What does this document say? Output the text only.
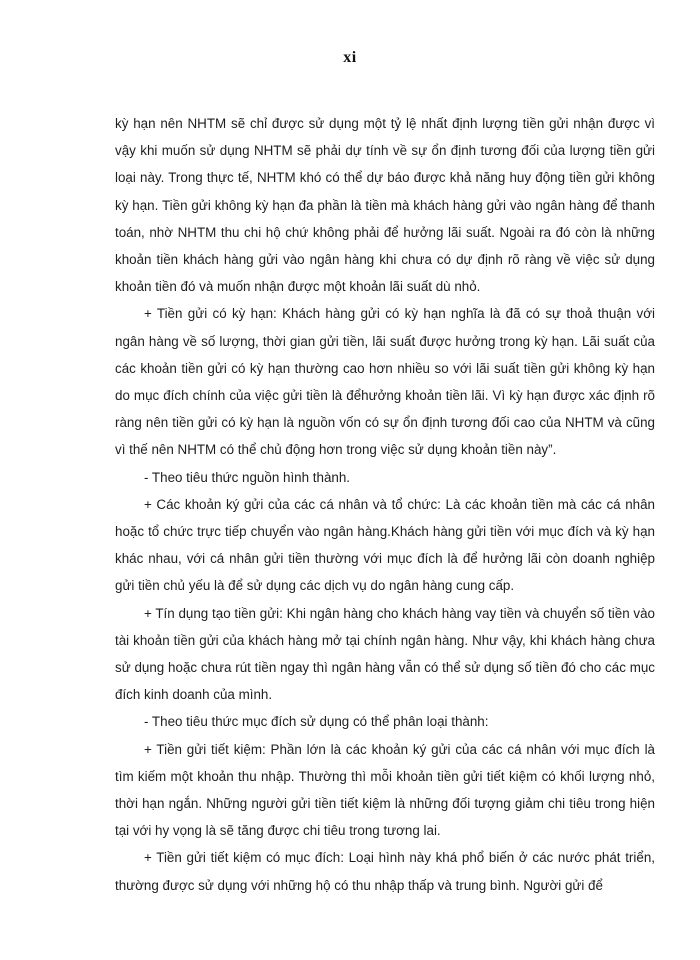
xi

kỳ hạn nên NHTM sẽ chỉ được sử dụng một tỷ lệ nhất định lượng tiền gửi nhận được vì vậy khi muốn sử dụng NHTM sẽ phải dự tính về sự ổn định tương đối của lượng tiền gửi loại này. Trong thực tế, NHTM khó có thể dự báo được khả năng huy động tiền gửi không kỳ hạn. Tiền gửi không kỳ hạn đa phần là tiền mà khách hàng gửi vào ngân hàng để thanh toán, nhờ NHTM thu chi hộ chứ không phải để hưởng lãi suất. Ngoài ra đó còn là những khoản tiền khách hàng gửi vào ngân hàng khi chưa có dự định rõ ràng về việc sử dụng khoản tiền đó và muốn nhận được một khoản lãi suất dù nhỏ.

+ Tiền gửi có kỳ hạn: Khách hàng gửi có kỳ hạn nghĩa là đã có sự thoả thuận với ngân hàng về số lượng, thời gian gửi tiền, lãi suất được hưởng trong kỳ hạn. Lãi suất của các khoản tiền gửi có kỳ hạn thường cao hơn nhiều so với lãi suất tiền gửi không kỳ hạn do mục đích chính của việc gửi tiền là đểhưởng khoản tiền lãi. Vì kỳ hạn được xác định rõ ràng nên tiền gửi có kỳ hạn là nguồn vốn có sự ổn định tương đối cao của NHTM và cũng vì thế nên NHTM có thể chủ động hơn trong việc sử dụng khoản tiền này”.

- Theo tiêu thức nguồn hình thành.

+ Các khoản ký gửi của các cá nhân và tổ chức: Là các khoản tiền mà các cá nhân hoặc tổ chức trực tiếp chuyển vào ngân hàng.Khách hàng gửi tiền với mục đích và kỳ hạn khác nhau, với cá nhân gửi tiền thường với mục đích là để hưởng lãi còn doanh nghiệp gửi tiền chủ yếu là để sử dụng các dịch vụ do ngân hàng cung cấp.

+ Tín dụng tạo tiền gửi: Khi ngân hàng cho khách hàng vay tiền và chuyển số tiền vào tài khoản tiền gửi của khách hàng mở tại chính ngân hàng. Như vậy, khi khách hàng chưa sử dụng hoặc chưa rút tiền ngay thì ngân hàng vẫn có thể sử dụng số tiền đó cho các mục đích kinh doanh của mình.

- Theo tiêu thức mục đích sử dụng có thể phân loại thành:

+ Tiền gửi tiết kiệm: Phần lớn là các khoản ký gửi của các cá nhân với mục đích là tìm kiếm một khoản thu nhập. Thường thì mỗi khoản tiền gửi tiết kiệm có khối lượng nhỏ, thời hạn ngắn. Những người gửi tiền tiết kiệm là những đối tượng giảm chi tiêu trong hiện tại với hy vọng là sẽ tăng được chi tiêu trong tương lai.

+ Tiền gửi tiết kiệm có mục đích: Loại hình này khá phổ biến ở các nước phát triển, thường được sử dụng với những hộ có thu nhập thấp và trung bình. Người gửi để
